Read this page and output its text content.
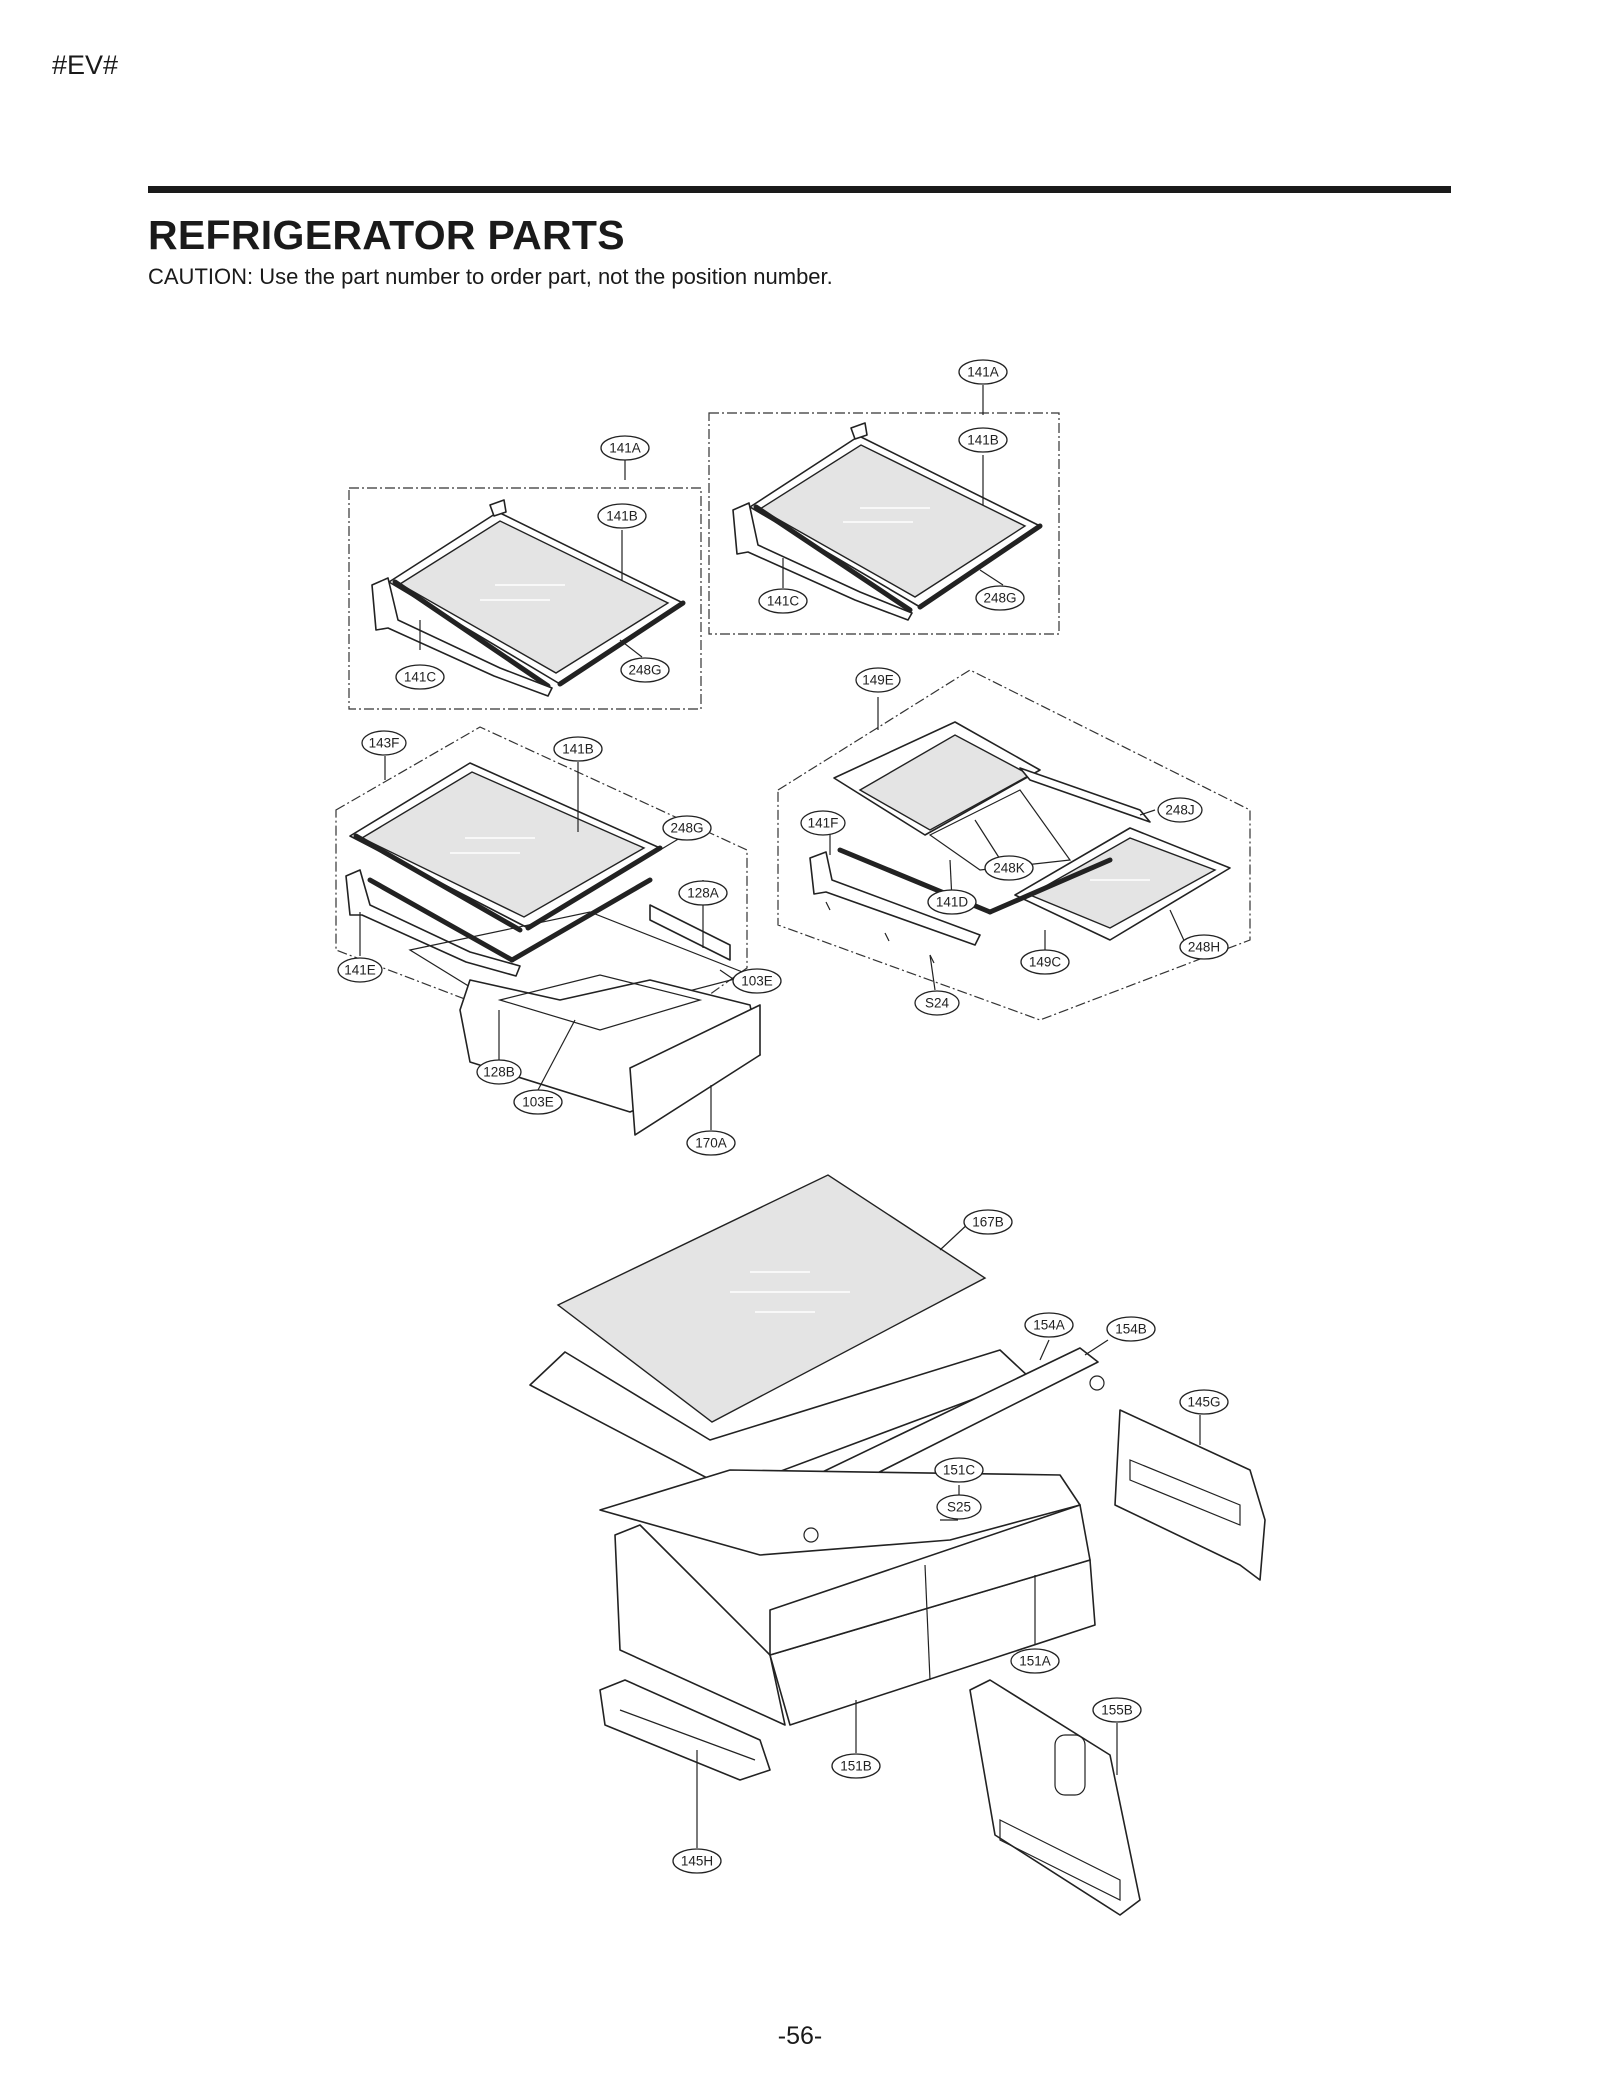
#EV#
REFRIGERATOR PARTS
CAUTION: Use the part number to order part, not the position number.
141A
141B
141C	248G
141A
141B
141C	248G
143F	141B
248G
128A
141E
103E
128B
103E
170A
149E
248J
141F
248K
141D
149C
248H
S24
167B
154A	154B
145G
151C
S25
151A
155B
151B
145H
-56-
